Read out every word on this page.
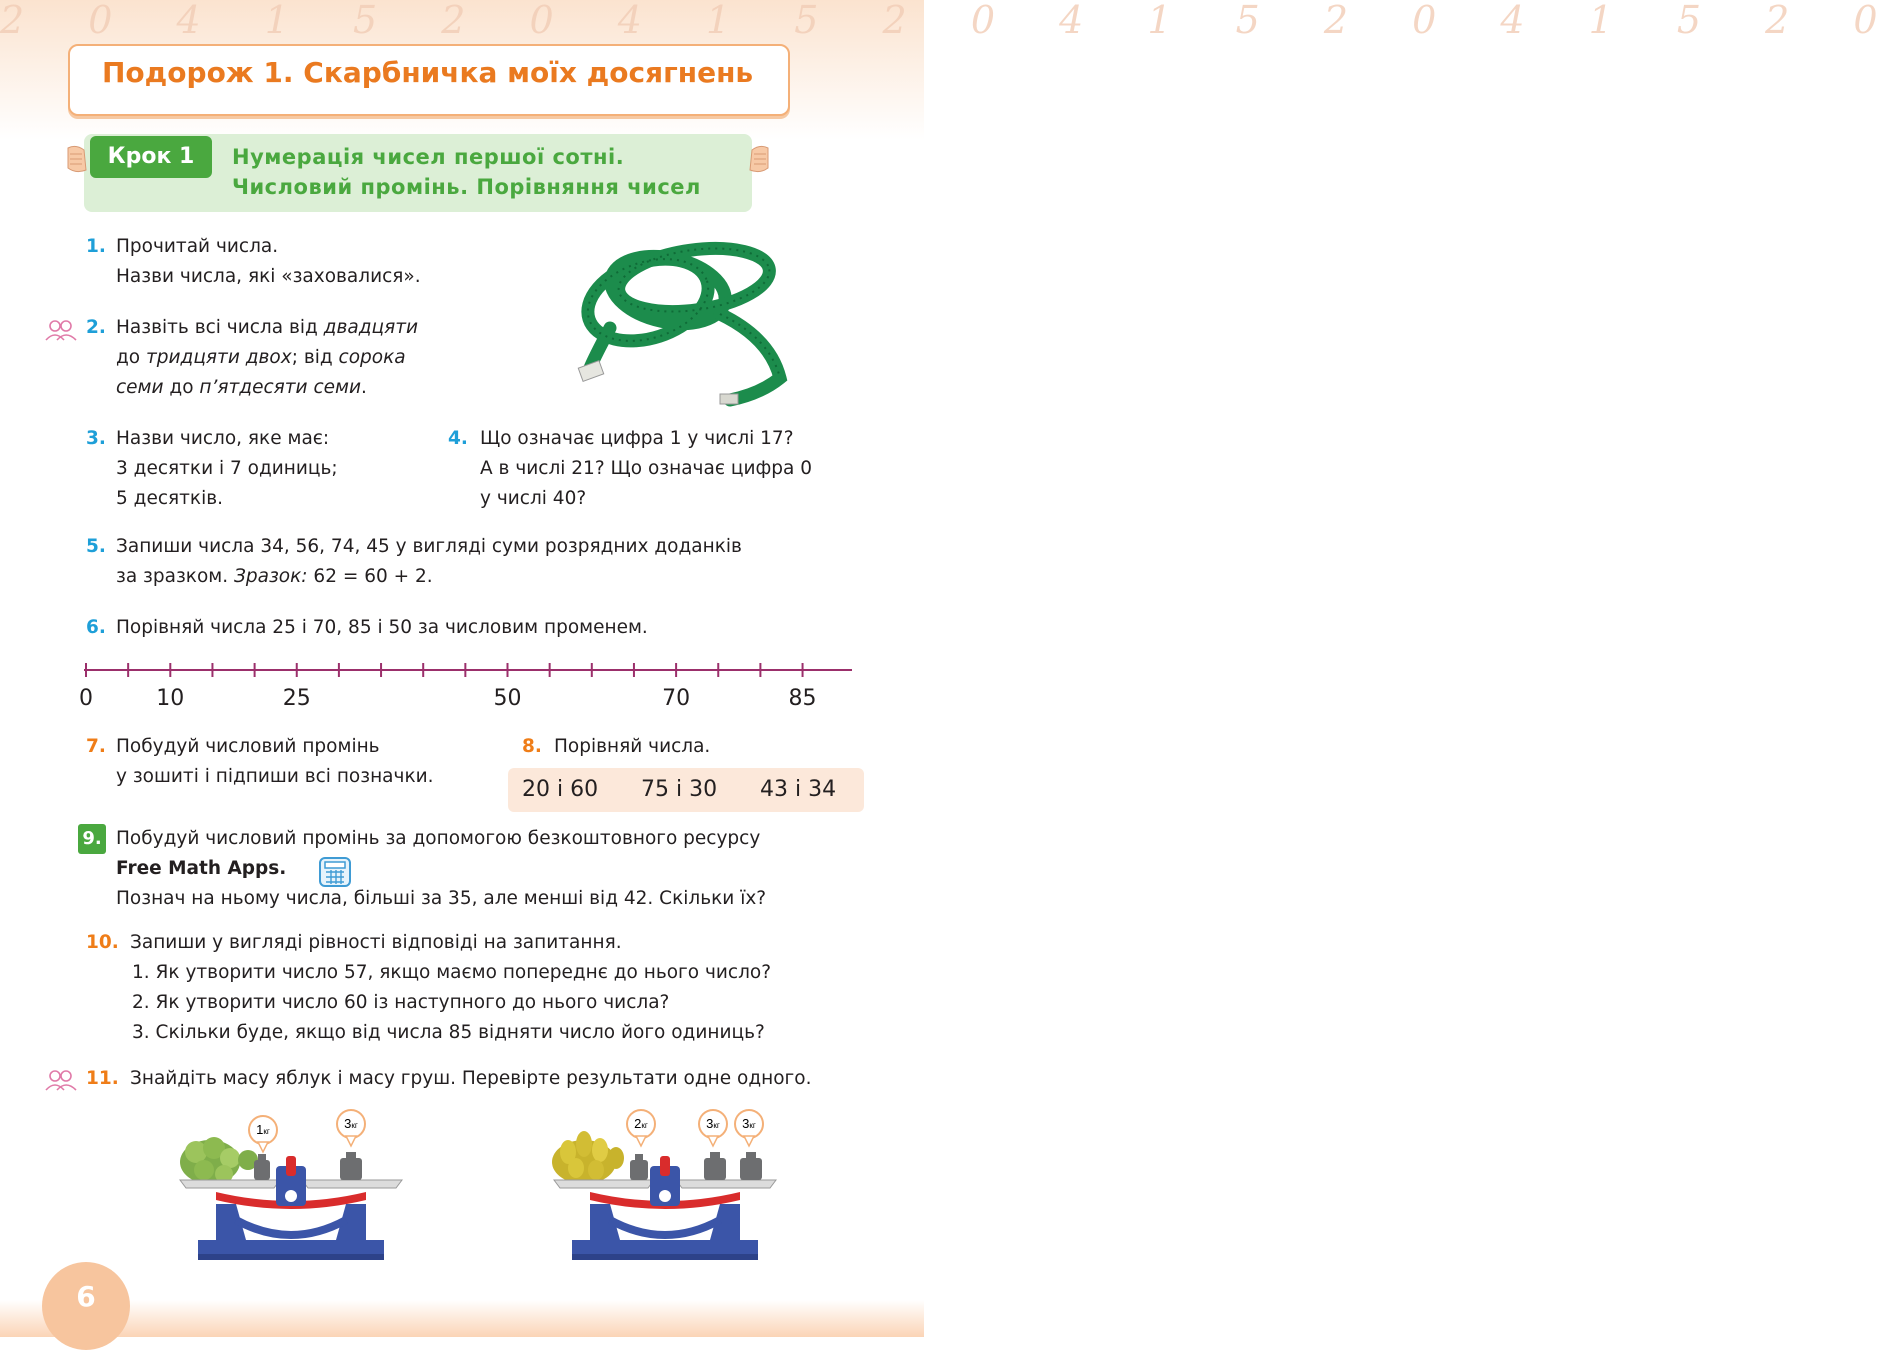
2 0 4 1 5 2 0 4 1 5 2 0 4 1 5 2 0 4 1 5 2 0
Подорож 1. Скарбничка моїх досягнень
Крок 1	Нумерація чисел першої сотні.
Числовий промінь. Порівняння чисел
1. Прочитай числа.
Назви числа, які «заховалися».
2. Назвіть всі числа від двадцяти
до тридцяти двох; від сорока
семи до п’ятдесяти семи.
3. Назви число, яке має:
3 десятки і 7 одиниць;
5 десятків.
4. Що означає цифра 1 у числі 17?
А в числі 21? Що означає цифра 0
у числі 40?
5. Запиши числа 34, 56, 74, 45 у вигляді суми розрядних доданків
за зразком. Зразок: 62 = 60 + 2.
6. Порівняй числа 25 і 70, 85 і 50 за числовим променем.
0	10	25	50	70	85
7. Побудуй числовий промінь
у зошиті і підпиши всі позначки.
8. Порівняй числа.
20 і 60 75 і 30 43 і 34
9. Побудуй числовий промінь за допомогою безкоштовного ресурсу
Free Math Apps.
Познач на ньому числа, більші за 35, але менші від 42. Скільки їх?
10. Запиши у вигляді рівності відповіді на запитання.
1. Як утворити число 57, якщо маємо попереднє до нього число?
2. Як утворити число 60 із наступного до нього числа?
3. Скільки буде, якщо від числа 85 відняти число його одиниць?
11. Знайдіть масу яблук і масу груш. Перевірте результати одне одного.
1кг
3кг	2кг	3кг 3кг
6
